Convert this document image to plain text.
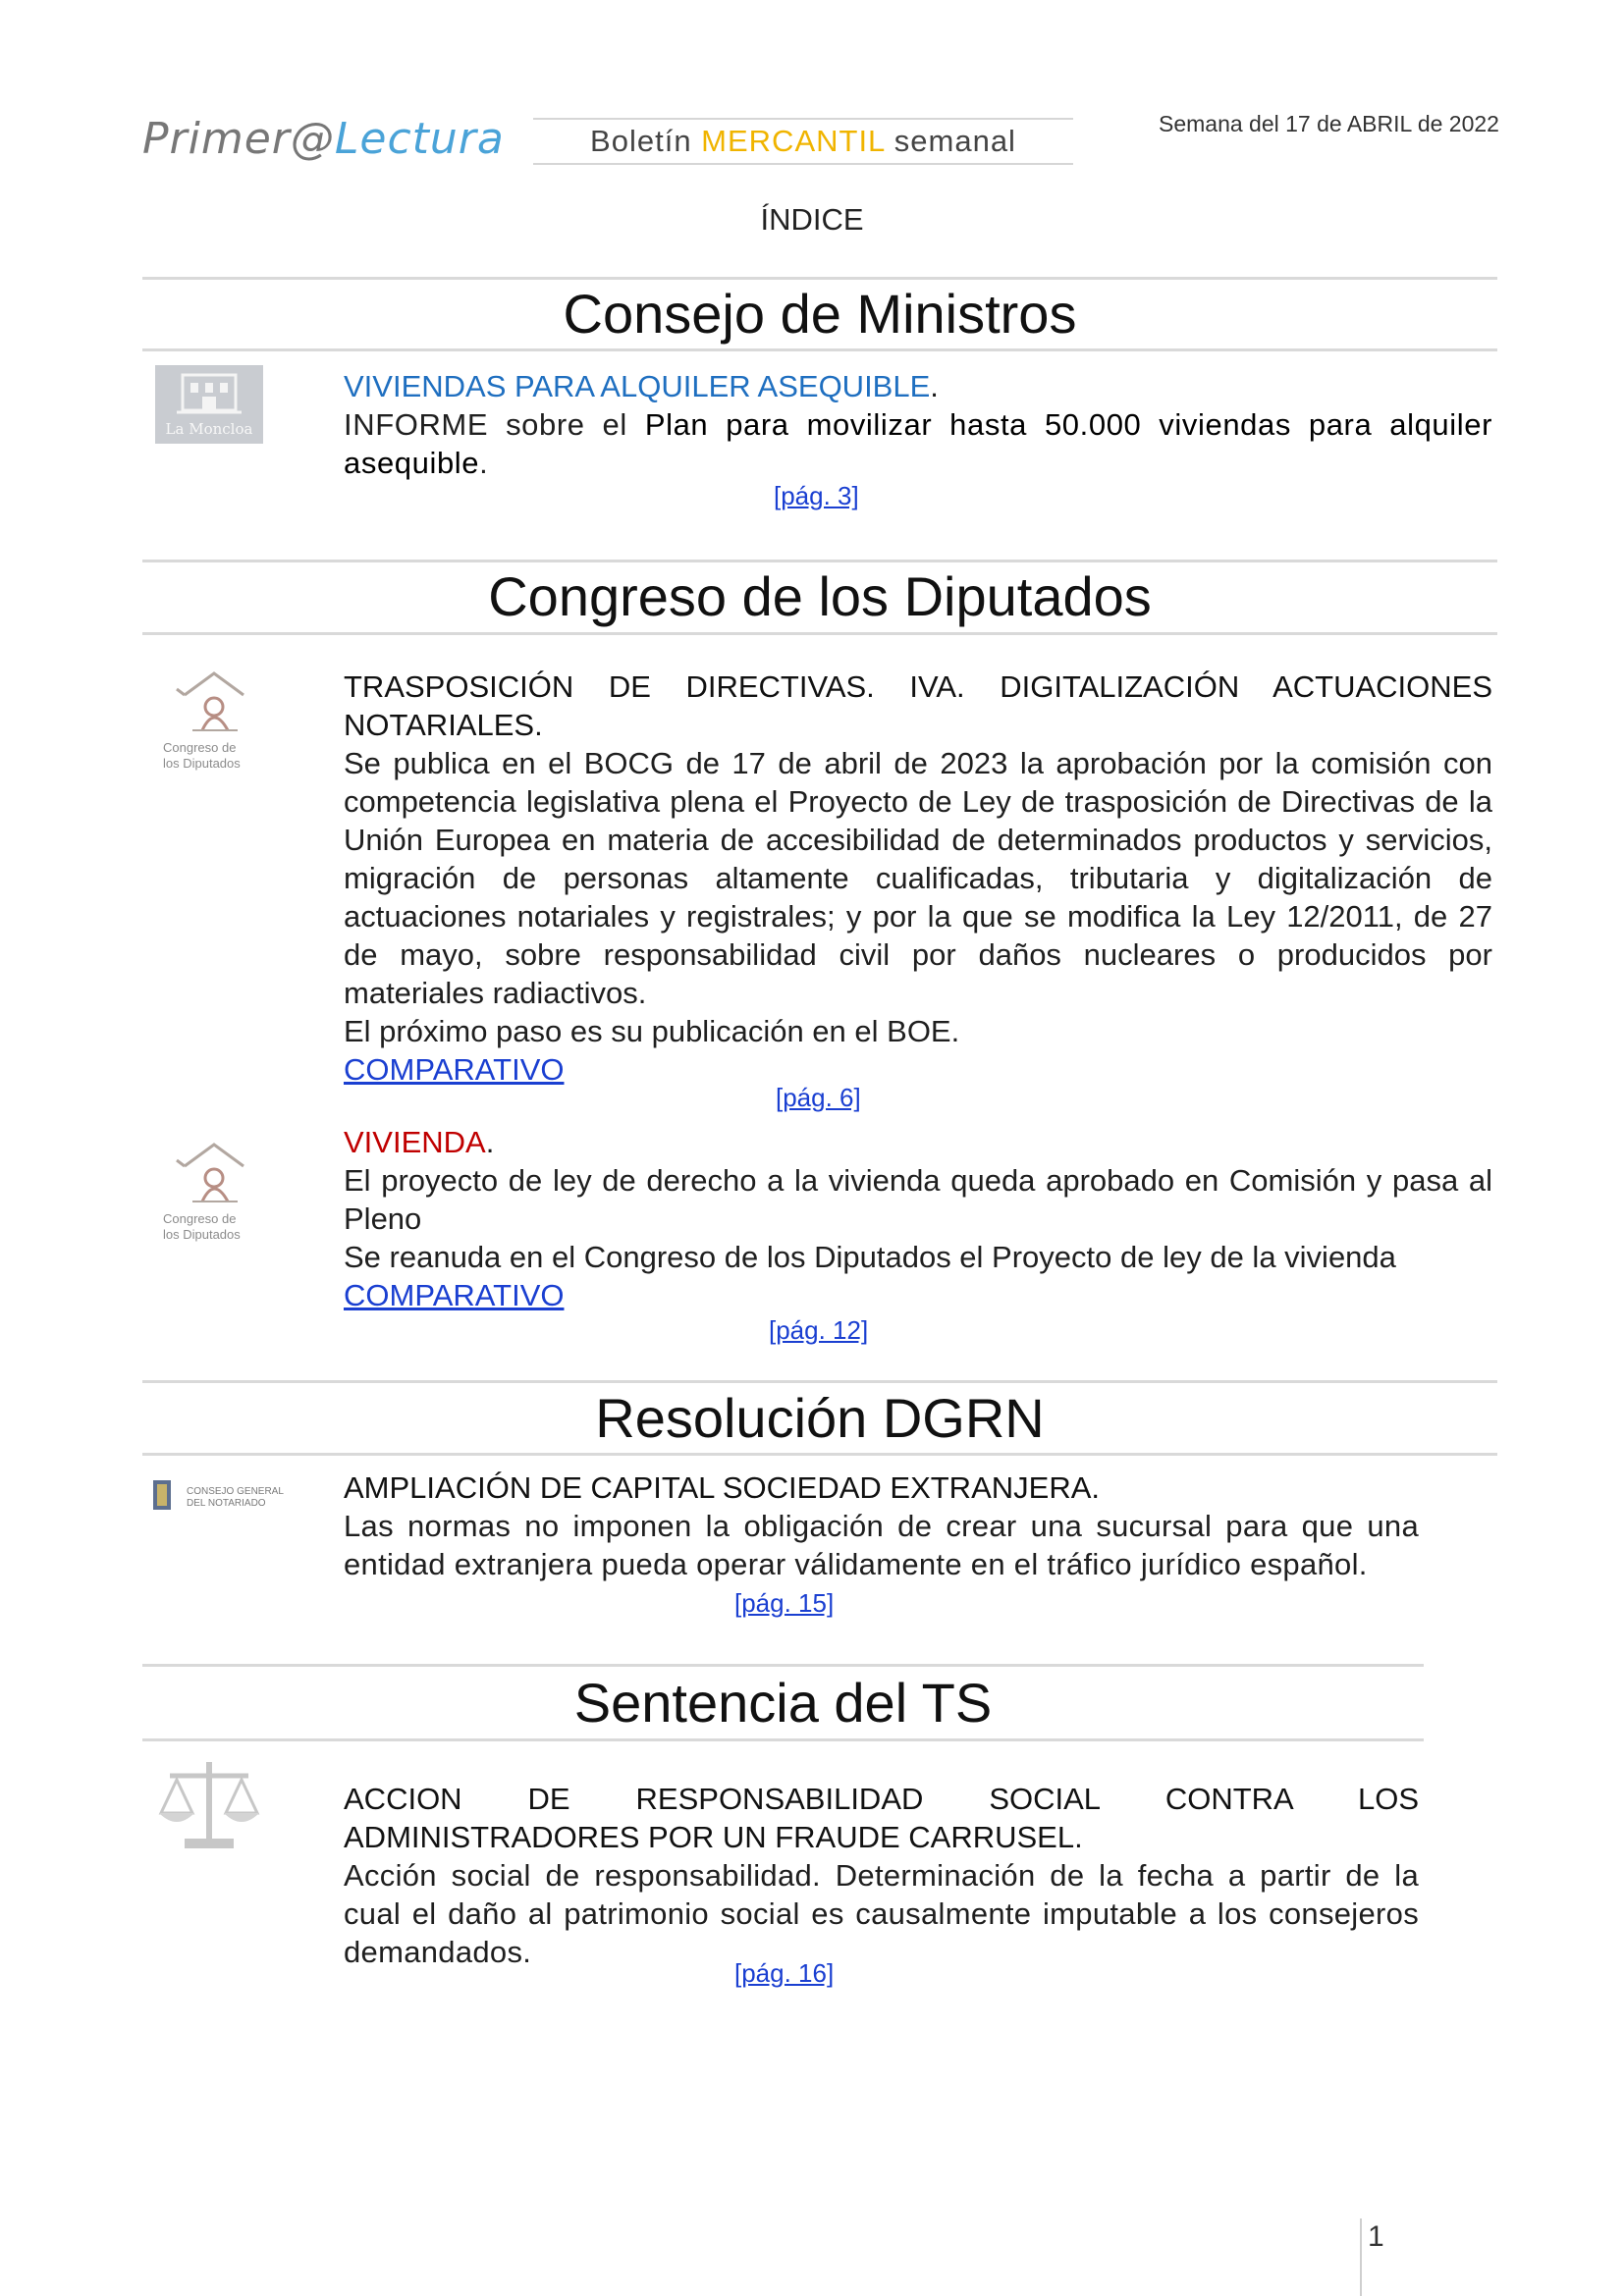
Primer@Lectura	Boletín MERCANTIL semanal	Semana del 17 de ABRIL de 2022
ÍNDICE
Consejo de Ministros
La Moncloa

VIVIENDAS PARA ALQUILER ASEQUIBLE.

INFORME sobre el Plan para movilizar hasta 50.000 viviendas para alquiler asequible.

[pág. 3]
Congreso de los Diputados
Congreso de
los Diputados

TRASPOSICIÓN DE DIRECTIVAS. IVA. DIGITALIZACIÓN ACTUACIONES NOTARIALES.

Se publica en el BOCG de 17 de abril de 2023 la aprobación por la comisión con competencia legislativa plena el Proyecto de Ley de trasposición de Directivas de la Unión Europea en materia de accesibilidad de determinados productos y servicios, migración de personas altamente cualificadas, tributaria y digitalización de actuaciones notariales y registrales; y por la que se modifica la Ley 12/2011, de 27 de mayo, sobre responsabilidad civil por daños nucleares o producidos por materiales radiactivos.

El próximo paso es su publicación en el BOE.

COMPARATIVO

[pág. 6]
Congreso de
los Diputados

VIVIENDA.

El proyecto de ley de derecho a la vivienda queda aprobado en Comisión y pasa al Pleno

Se reanuda en el Congreso de los Diputados el Proyecto de ley de la vivienda

COMPARATIVO

[pág. 12]
Resolución DGRN
CONSEJO GENERAL
DEL NOTARIADO	AMPLIACIÓN DE CAPITAL SOCIEDAD EXTRANJERA.

Las normas no imponen la obligación de crear una sucursal para que una entidad extranjera pueda operar válidamente en el tráfico jurídico español.

[pág. 15]
Sentencia del TS

ACCION DE RESPONSABILIDAD SOCIAL CONTRA LOS ADMINISTRADORES POR UN FRAUDE CARRUSEL.

Acción social de responsabilidad. Determinación de la fecha a partir de la cual el daño al patrimonio social es causalmente imputable a los consejeros demandados.

[pág. 16]
1
